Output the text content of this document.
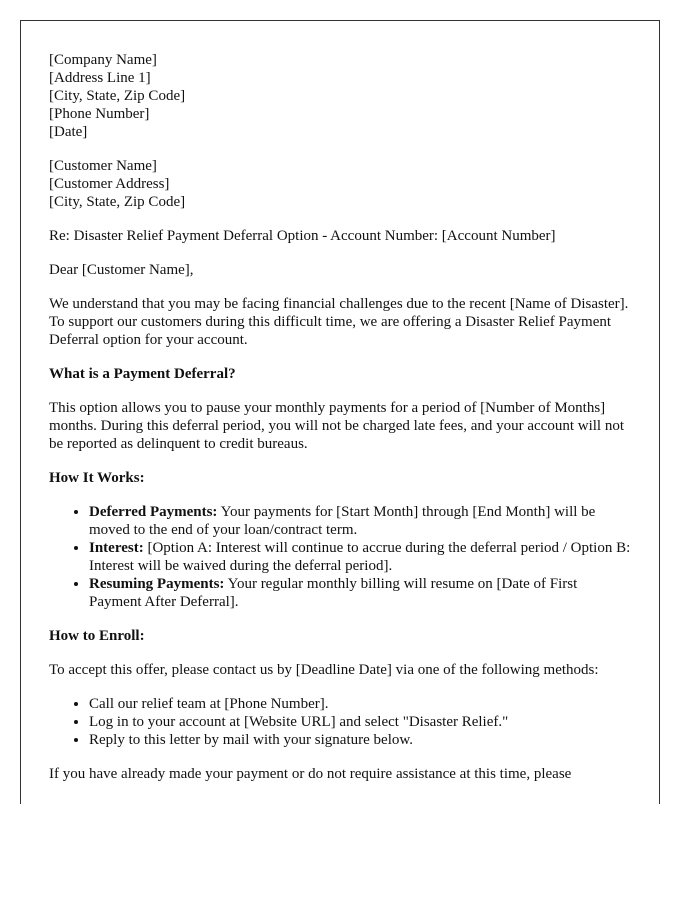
[Company Name]
[Address Line 1]
[City, State, Zip Code]
[Phone Number]
[Date]
[Customer Name]
[Customer Address]
[City, State, Zip Code]

Re: Disaster Relief Payment Deferral Option - Account Number: [Account Number]

Dear [Customer Name],

We understand that you may be facing financial challenges due to the recent [Name of Disaster]. To support our customers during this difficult time, we are offering a Disaster Relief Payment Deferral option for your account.

What is a Payment Deferral?

This option allows you to pause your monthly payments for a period of [Number of Months] months. During this deferral period, you will not be charged late fees, and your account will not be reported as delinquent to credit bureaus.

How It Works:
• Deferred Payments: Your payments for [Start Month] through [End Month] will be moved to the end of your loan/contract term.
• Interest: [Option A: Interest will continue to accrue during the deferral period / Option B: Interest will be waived during the deferral period].
• Resuming Payments: Your regular monthly billing will resume on [Date of First Payment After Deferral].
How to Enroll:

To accept this offer, please contact us by [Deadline Date] via one of the following methods:

• Call our relief team at [Phone Number].
• Log in to your account at [Website URL] and select "Disaster Relief."
• Reply to this letter by mail with your signature below.

If you have already made your payment or do not require assistance at this time, please
